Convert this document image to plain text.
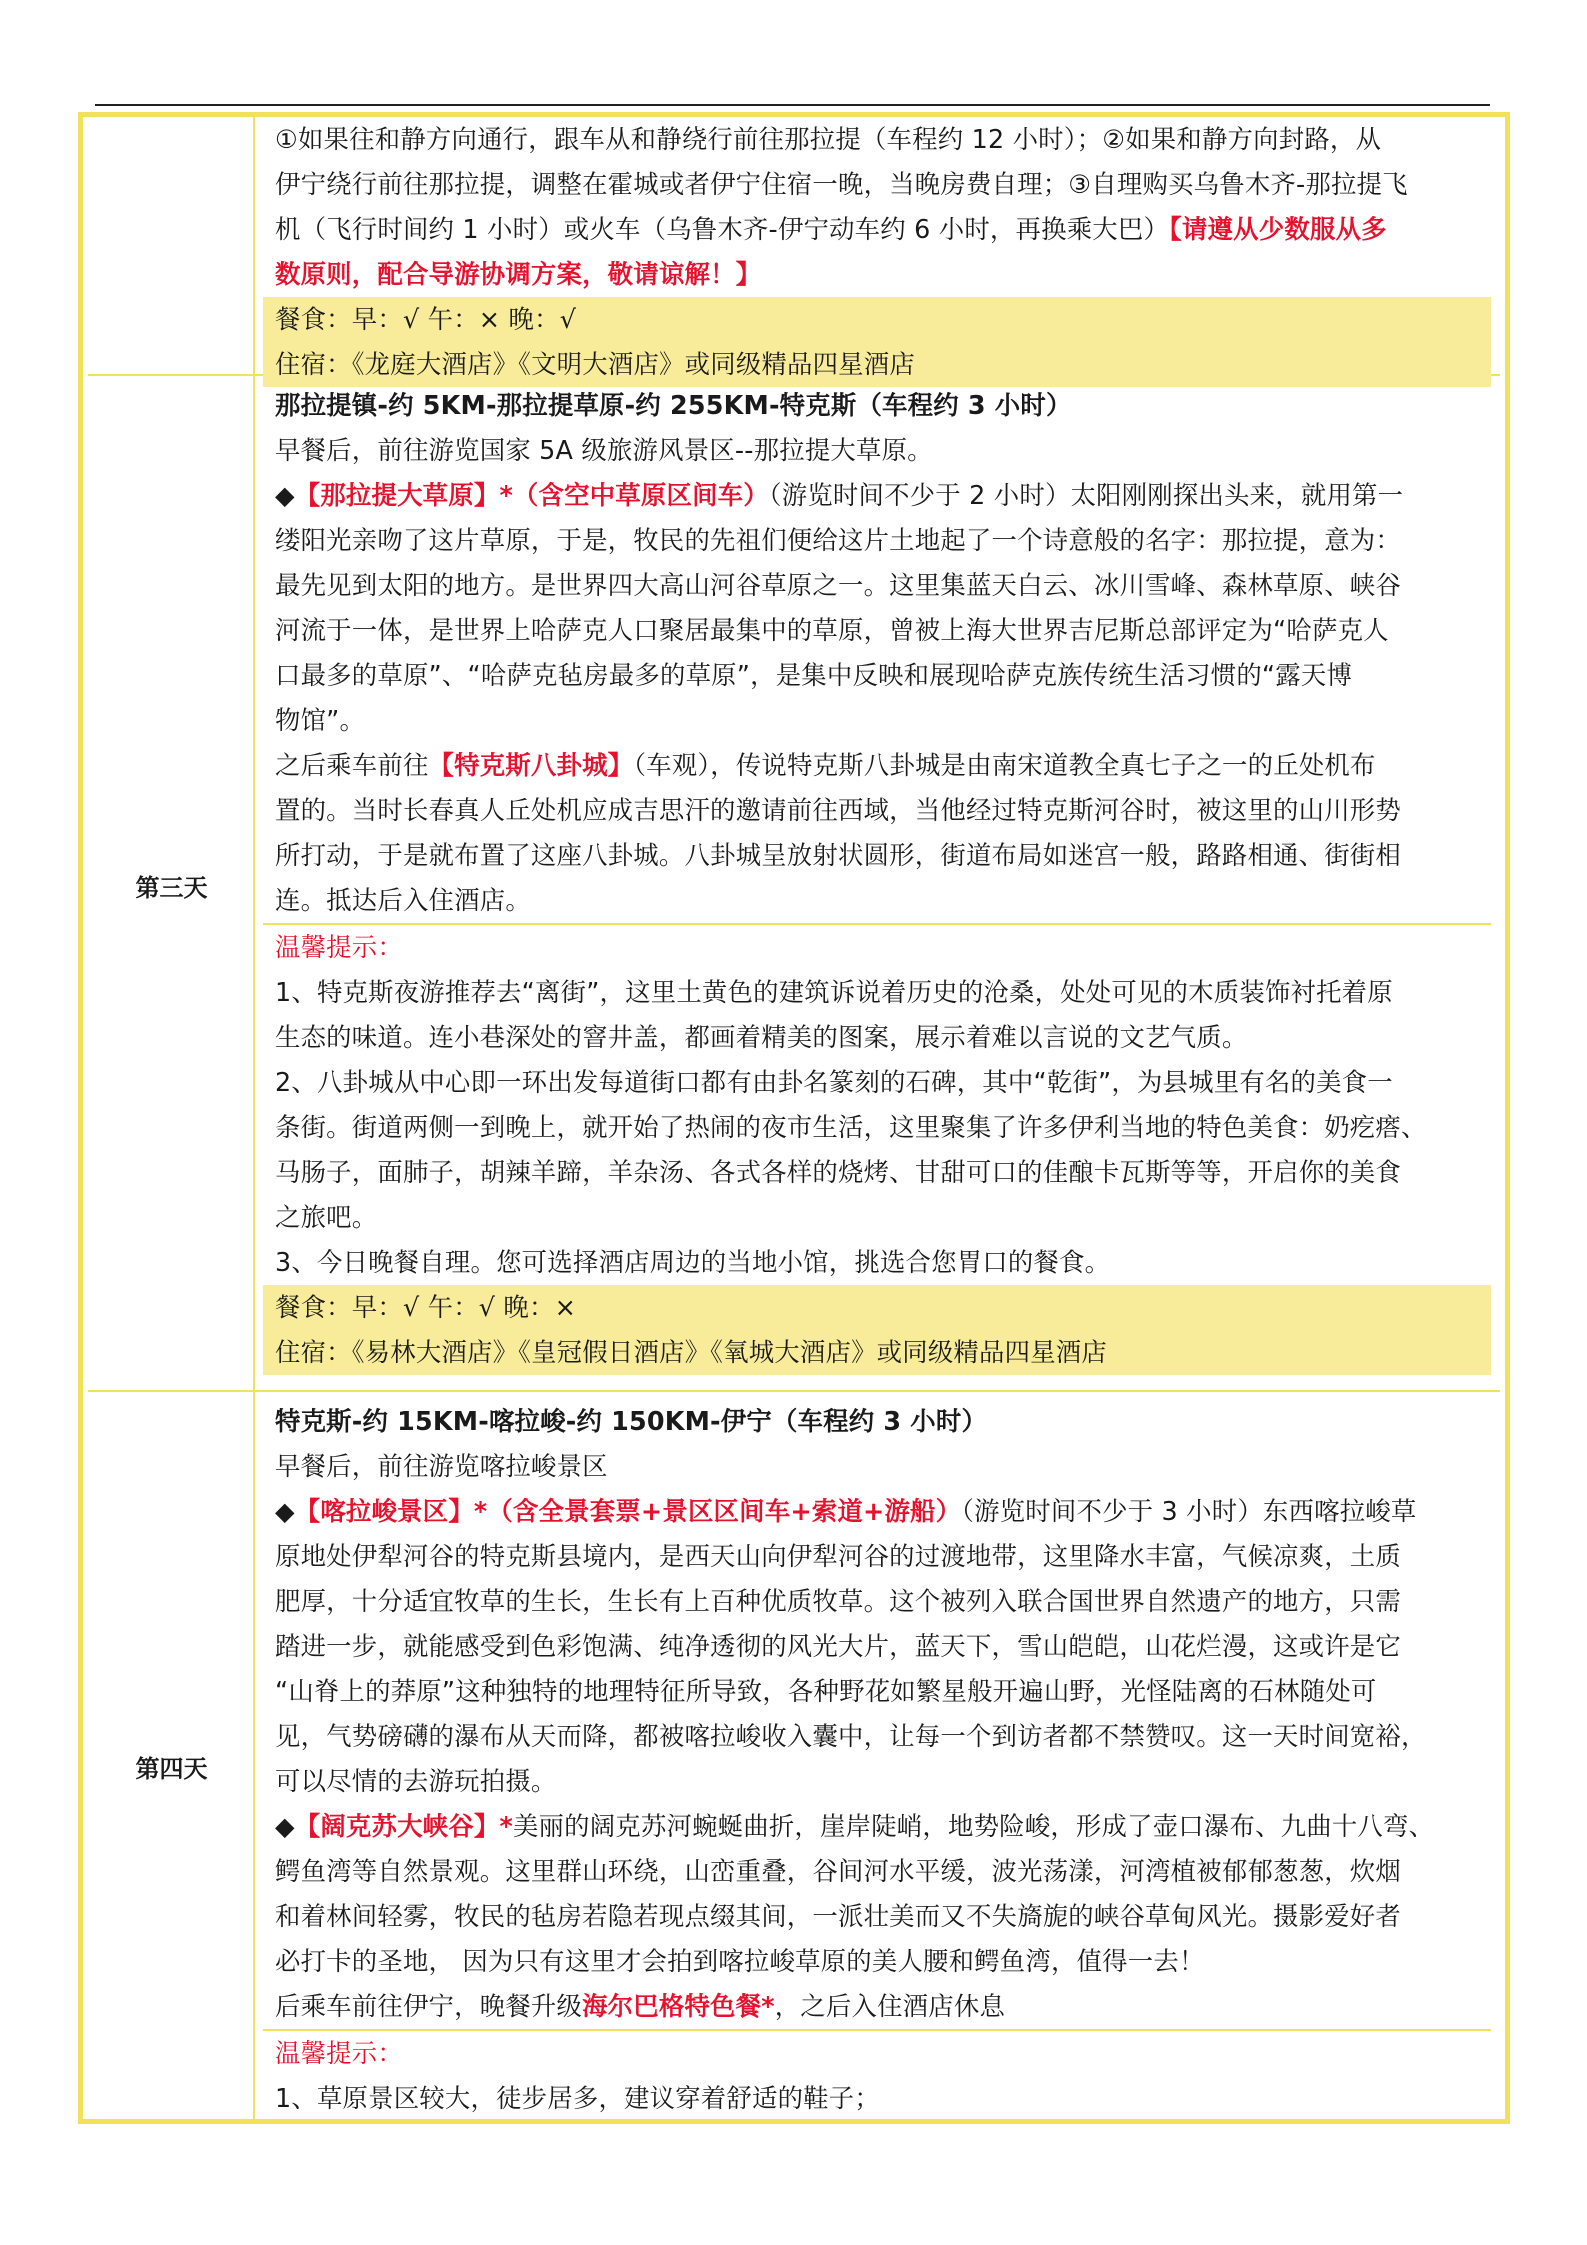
第三天
第四天
①如果往和静方向通行，跟车从和静绕行前往那拉提（车程约 12 小时）；②如果和静方向封路，从
伊宁绕行前往那拉提，调整在霍城或者伊宁住宿一晚，当晚房费自理；③自理购买乌鲁木齐-那拉提飞
机（飞行时间约 1 小时）或火车（乌鲁木齐-伊宁动车约 6 小时，再换乘大巴）【请遵从少数服从多
数原则，配合导游协调方案，敬请谅解！】
餐食：早：√ 午：× 晚：√
住宿：《龙庭大酒店》《文明大酒店》或同级精品四星酒店
那拉提镇-约 5KM-那拉提草原-约 255KM-特克斯（车程约 3 小时）
早餐后，前往游览国家 5A 级旅游风景区--那拉提大草原。
◆【那拉提大草原】*（含空中草原区间车）（游览时间不少于 2 小时）太阳刚刚探出头来，就用第一
缕阳光亲吻了这片草原，于是，牧民的先祖们便给这片土地起了一个诗意般的名字：那拉提，意为：
最先见到太阳的地方。是世界四大高山河谷草原之一。这里集蓝天白云、冰川雪峰、森林草原、峡谷
河流于一体，是世界上哈萨克人口聚居最集中的草原，曾被上海大世界吉尼斯总部评定为“哈萨克人
口最多的草原”、“哈萨克毡房最多的草原”，是集中反映和展现哈萨克族传统生活习惯的“露天博
物馆”。
之后乘车前往【特克斯八卦城】（车观），传说特克斯八卦城是由南宋道教全真七子之一的丘处机布
置的。当时长春真人丘处机应成吉思汗的邀请前往西域，当他经过特克斯河谷时，被这里的山川形势
所打动，于是就布置了这座八卦城。八卦城呈放射状圆形，街道布局如迷宫一般，路路相通、街街相
连。抵达后入住酒店。
温馨提示：
1、特克斯夜游推荐去“离街”，这里土黄色的建筑诉说着历史的沧桑，处处可见的木质装饰衬托着原
生态的味道。连小巷深处的窨井盖，都画着精美的图案，展示着难以言说的文艺气质。
2、八卦城从中心即一环出发每道街口都有由卦名篆刻的石碑，其中“乾街”，为县城里有名的美食一
条街。街道两侧一到晚上，就开始了热闹的夜市生活，这里聚集了许多伊利当地的特色美食：奶疙瘩、
马肠子，面肺子，胡辣羊蹄，羊杂汤、各式各样的烧烤、甘甜可口的佳酿卡瓦斯等等，开启你的美食
之旅吧。
3、今日晚餐自理。您可选择酒店周边的当地小馆，挑选合您胃口的餐食。
餐食：早：√ 午：√ 晚：×
住宿：《易林大酒店》《皇冠假日酒店》《氧城大酒店》或同级精品四星酒店
特克斯-约 15KM-喀拉峻-约 150KM-伊宁（车程约 3 小时）
早餐后，前往游览喀拉峻景区
◆【喀拉峻景区】*（含全景套票+景区区间车+索道+游船）（游览时间不少于 3 小时）东西喀拉峻草
原地处伊犁河谷的特克斯县境内，是西天山向伊犁河谷的过渡地带，这里降水丰富，气候凉爽，土质
肥厚，十分适宜牧草的生长，生长有上百种优质牧草。这个被列入联合国世界自然遗产的地方，只需
踏进一步，就能感受到色彩饱满、纯净透彻的风光大片，蓝天下，雪山皑皑，山花烂漫，这或许是它
“山脊上的莽原”这种独特的地理特征所导致，各种野花如繁星般开遍山野，光怪陆离的石林随处可
见，气势磅礴的瀑布从天而降，都被喀拉峻收入囊中，让每一个到访者都不禁赞叹。这一天时间宽裕，
可以尽情的去游玩拍摄。
◆【阔克苏大峡谷】*美丽的阔克苏河蜿蜒曲折，崖岸陡峭，地势险峻，形成了壶口瀑布、九曲十八弯、
鳄鱼湾等自然景观。这里群山环绕，山峦重叠，谷间河水平缓，波光荡漾，河湾植被郁郁葱葱，炊烟
和着林间轻雾，牧民的毡房若隐若现点缀其间，一派壮美而又不失旖旎的峡谷草甸风光。摄影爱好者
必打卡的圣地， 因为只有这里才会拍到喀拉峻草原的美人腰和鳄鱼湾，值得一去！
后乘车前往伊宁，晚餐升级海尔巴格特色餐*，之后入住酒店休息
温馨提示：
1、草原景区较大，徒步居多，建议穿着舒适的鞋子；
